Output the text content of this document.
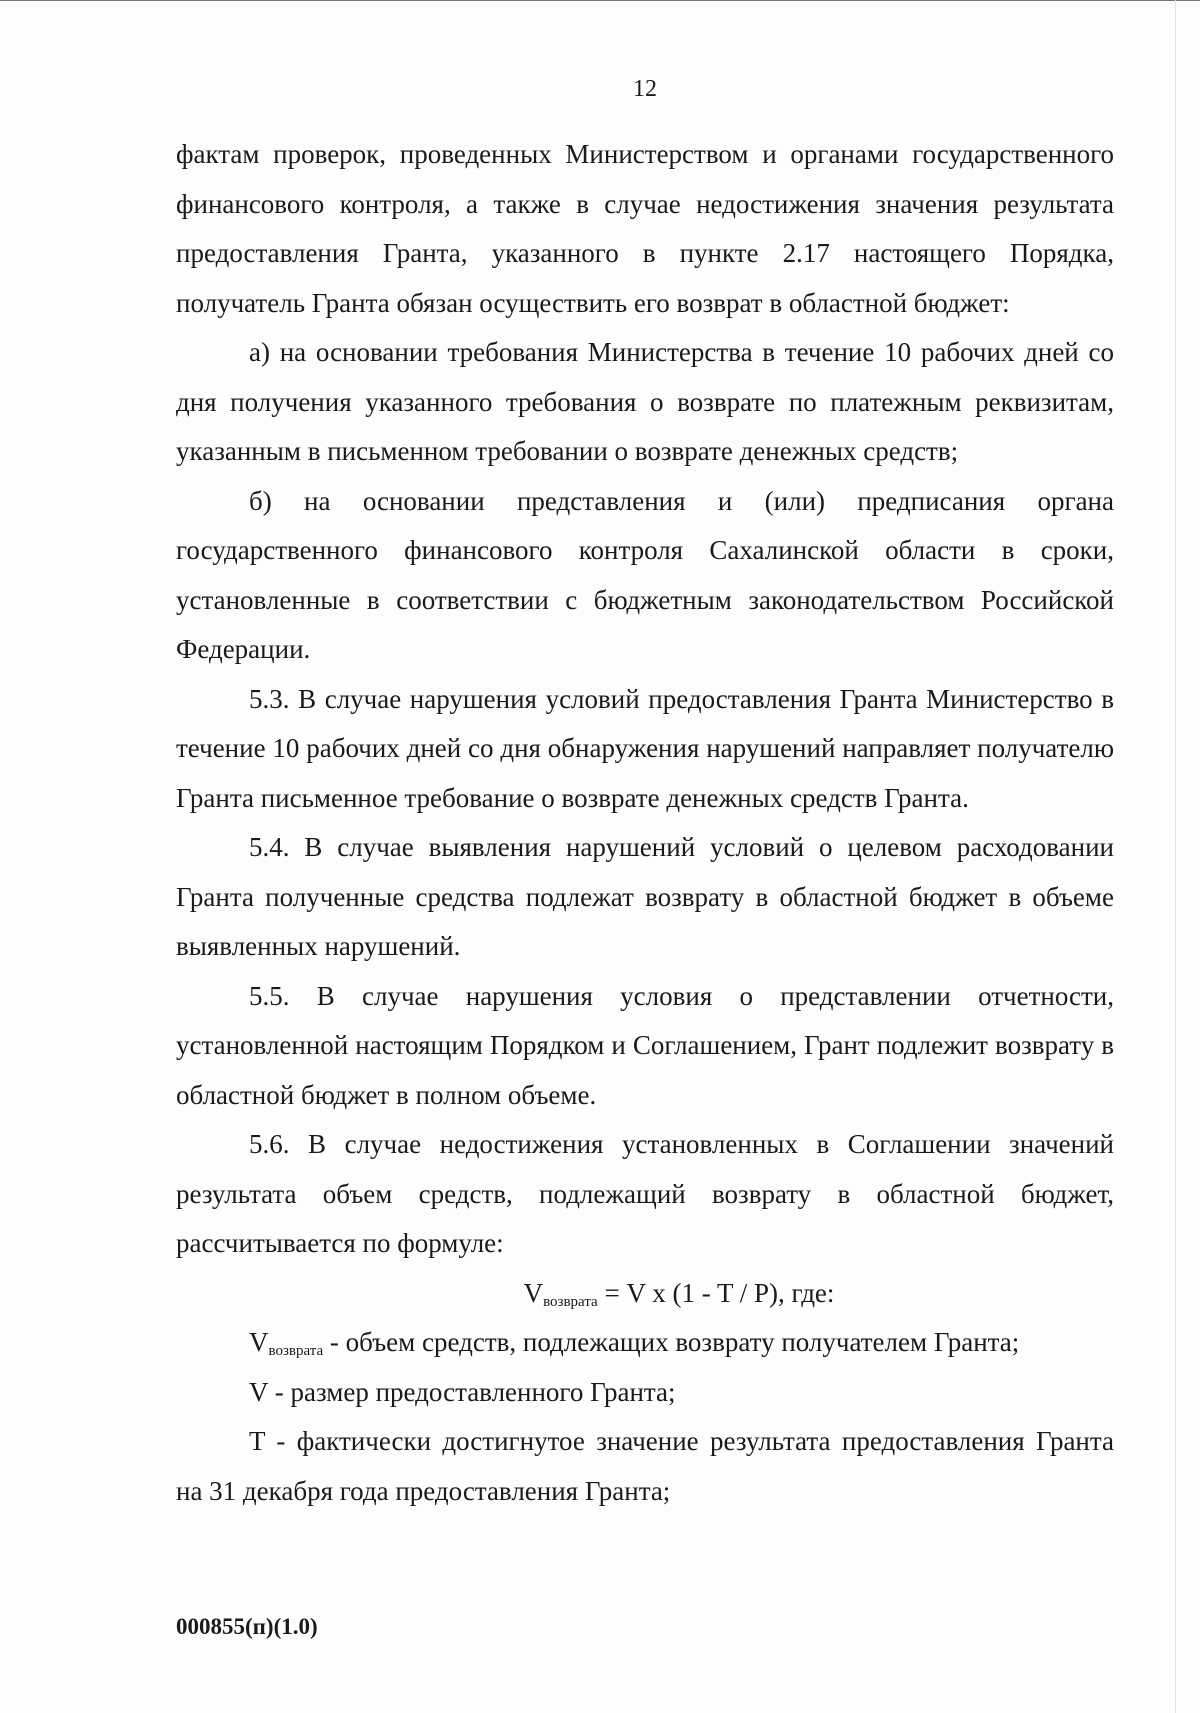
12

фактам проверок, проведенных Министерством и органами государственного финансового контроля, а также в случае недостижения значения результата предоставления Гранта, указанного в пункте 2.17 настоящего Порядка, получатель Гранта обязан осуществить его возврат в областной бюджет:

а) на основании требования Министерства в течение 10 рабочих дней со дня получения указанного требования о возврате по платежным реквизитам, указанным в письменном требовании о возврате денежных средств;

б) на основании представления и (или) предписания органа государственного финансового контроля Сахалинской области в сроки, установленные в соответствии с бюджетным законодательством Российской Федерации.

5.3. В случае нарушения условий предоставления Гранта Министерство в течение 10 рабочих дней со дня обнаружения нарушений направляет получателю Гранта письменное требование о возврате денежных средств Гранта.

5.4. В случае выявления нарушений условий о целевом расходовании Гранта полученные средства подлежат возврату в областной бюджет в объеме выявленных нарушений.

5.5. В случае нарушения условия о представлении отчетности, установленной настоящим Порядком и Соглашением, Грант подлежит возврату в областной бюджет в полном объеме.

5.6. В случае недостижения установленных в Соглашении значений результата объем средств, подлежащий возврату в областной бюджет, рассчитывается по формуле:

$V_{возврата} = V$ x (1 - T / P), где:

$V_{возврата}$ - объем средств, подлежащих возврату получателем Гранта;

V - размер предоставленного Гранта;

T - фактически достигнутое значение результата предоставления Гранта на 31 декабря года предоставления Гранта;

000855(п)(1.0)
